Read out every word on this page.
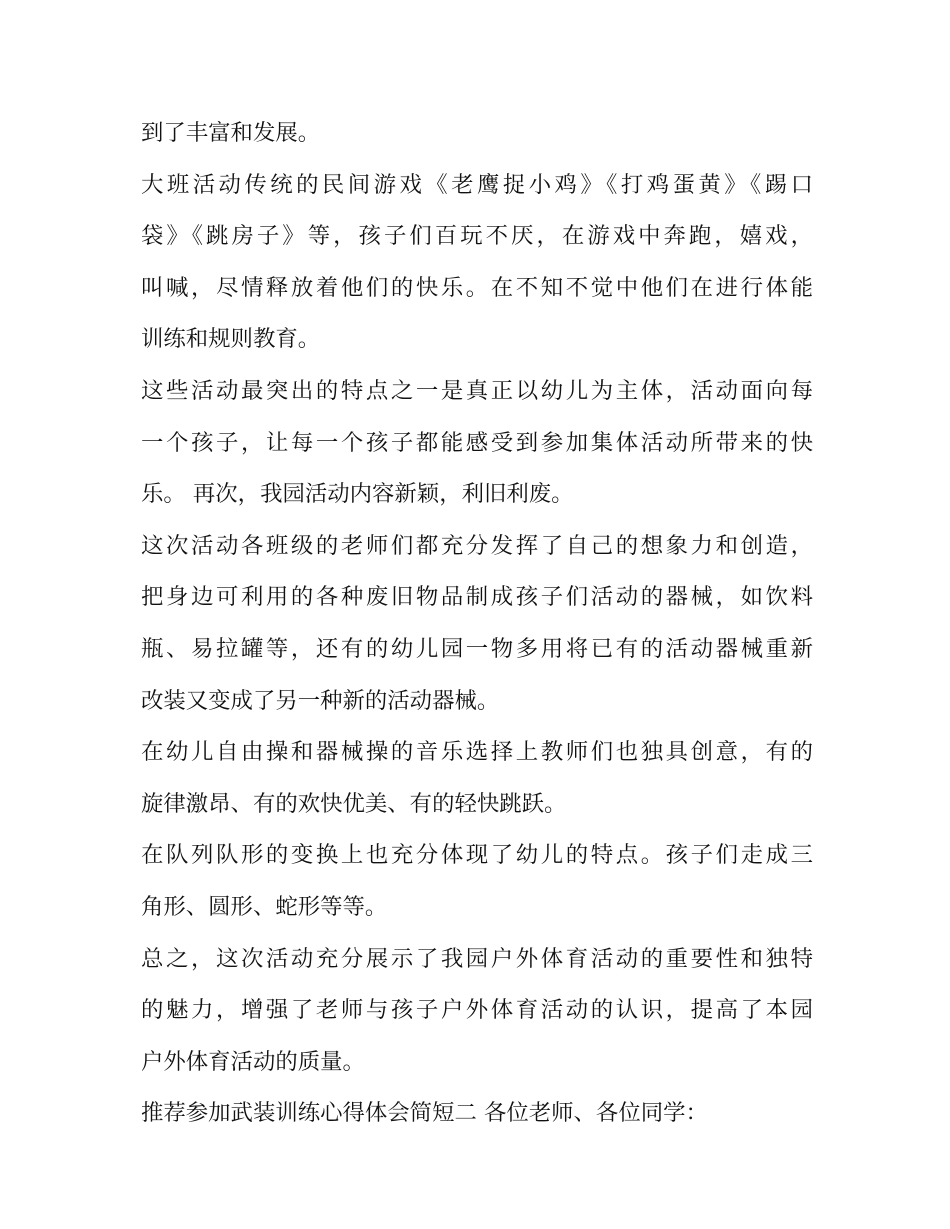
到了丰富和发展。
大班活动传统的民间游戏《老鹰捉小鸡》《打鸡蛋黄》《踢口
袋》《跳房子》等，孩子们百玩不厌，在游戏中奔跑，嬉戏，
叫喊，尽情释放着他们的快乐。在不知不觉中他们在进行体能
训练和规则教育。
这些活动最突出的特点之一是真正以幼儿为主体，活动面向每
一个孩子，让每一个孩子都能感受到参加集体活动所带来的快
乐。 再次，我园活动内容新颖，利旧利废。
这次活动各班级的老师们都充分发挥了自己的想象力和创造，
把身边可利用的各种废旧物品制成孩子们活动的器械，如饮料
瓶、易拉罐等，还有的幼儿园一物多用将已有的活动器械重新
改装又变成了另一种新的活动器械。
在幼儿自由操和器械操的音乐选择上教师们也独具创意，有的
旋律激昂、有的欢快优美、有的轻快跳跃。
在队列队形的变换上也充分体现了幼儿的特点。孩子们走成三
角形、圆形、蛇形等等。
总之，这次活动充分展示了我园户外体育活动的重要性和独特
的魅力，增强了老师与孩子户外体育活动的认识，提高了本园
户外体育活动的质量。
推荐参加武装训练心得体会简短二 各位老师、各位同学：
